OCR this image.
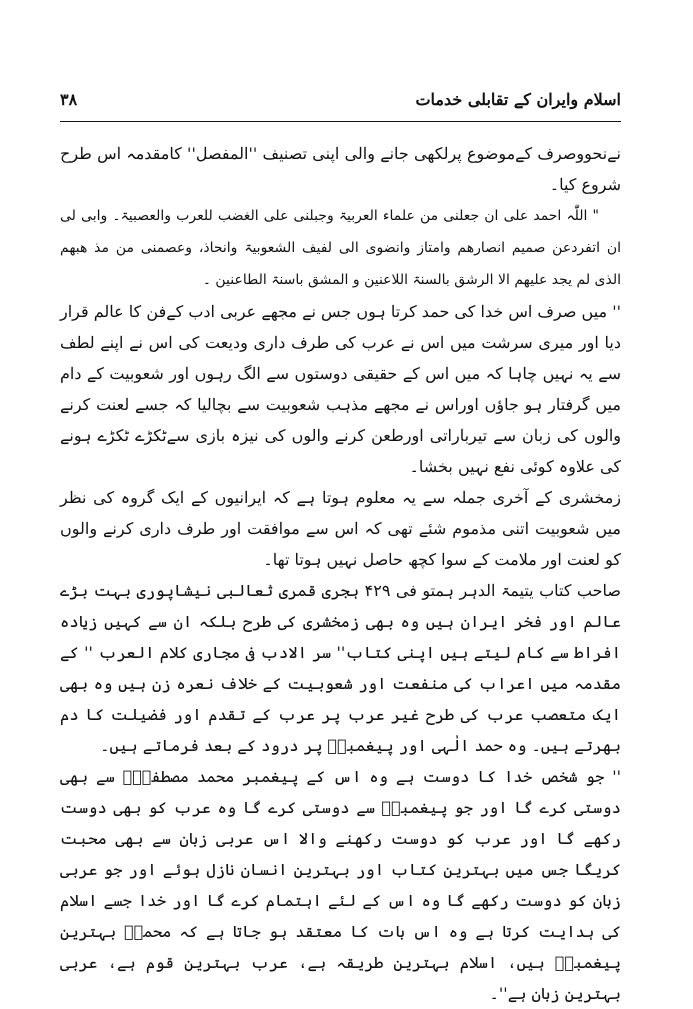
اسلام وایران کے تقابلی خدمات
۳۸

نےنحووصرف کےموضوع پرلکھی جانے والی اپنی تصنیف ''المفصل'' کامقدمہ اس طرح شروع کیا۔

" اللّٰہ احمد علی ان جعلنی من علماء العربیۃ وجبلنی علی الغضب للعرب والعصبیۃ۔ وابی لی ان اتفردعن صمیم انصارھم وامتاز وانضوی الی لفیف الشعوبیۃ وانحاذ، وعصمنی من مذ ھبھم الذی لم یجد علیھم الا الرشق بالسنۃ اللاعنین و المشق باسنۃ الطاعنین ۔

'' میں صرف اس خدا کی حمد کرتا ہوں جس نے مجھے عربی ادب کےفن کا عالم قرار دیا اور میری سرشت میں اس نے عرب کی طرف داری ودیعت کی اس نے اپنے لطف سے یہ نہیں چاہا کہ میں اس کے حقیقی دوستوں سے الگ رہوں اور شعوبیت کے دام میں گرفتار ہو جاؤں اوراس نے مجھے مذہب شعوبیت سے بچالیا کہ جسے لعنت کرنے والوں کی زبان سے تیرباراتی اورطعن کرنے والوں کی نیزہ بازی سےٹکڑے ٹکڑے ہونے کی علاوہ کوئی نفع نہیں بخشا۔

زمخشری کے آخری جملہ سے یہ معلوم ہوتا ہے کہ ایرانیوں کے ایک گروہ کی نظر میں شعوبیت اتنی مذموم شئے تھی کہ اس سے موافقت اور طرف داری کرنے والوں کو لعنت اور ملامت کے سوا کچھ حاصل نہیں ہوتا تھا۔

صاحب کتاب یتیمۃ الدہر ہمتو فی ۴۲۹ ہجری قمری ثعالبی نیشاپوری بہت بڑے عالم اور فخر ایران ہیں وہ بھی زمخشری کی طرح بلکہ ان سے کہیں زیادہ افراط سے کام لیتے ہیں اپنی کتاب'' سر الادب فی مجاری کلام العرب '' کے مقدمہ میں اعراب کی منفعت اور شعوبیت کے خلاف نعرہ زن ہیں وہ بھی ایک متعصب عرب کی طرح غیر عرب پر عرب کے تقدم اور فضیلت کا دم بھرتے ہیں۔ وہ حمد الٰہی اور پیغمبرؐ پر درود کے بعد فرماتے ہیں۔

'' جو شخص خدا کا دوست ہے وہ اس کے پیغمبر محمد مصطفیٰؐ سے بھی دوستی کرے گا اور جو پیغمبرؐ سے دوستی کرے گا وہ عرب کو بھی دوست رکھے گا اور عرب کو دوست رکھنے والا اس عربی زبان سے بھی محبت کریگا جس میں بہترین کتاب اور بہترین انسان نازل ہوئے اور جو عربی زبان کو دوست رکھے گا وہ اس کے لئے اہتمام کرے گا اور خدا جسے اسلام کی ہدایت کرتا ہے وہ اس بات کا معتقد ہو جاتا ہے کہ محمدؐ بہترین پیغمبرؐ ہیں، اسلام بہترین طریقہ ہے، عرب بہترین قوم ہے، عربی بہترین زبان ہے''۔
